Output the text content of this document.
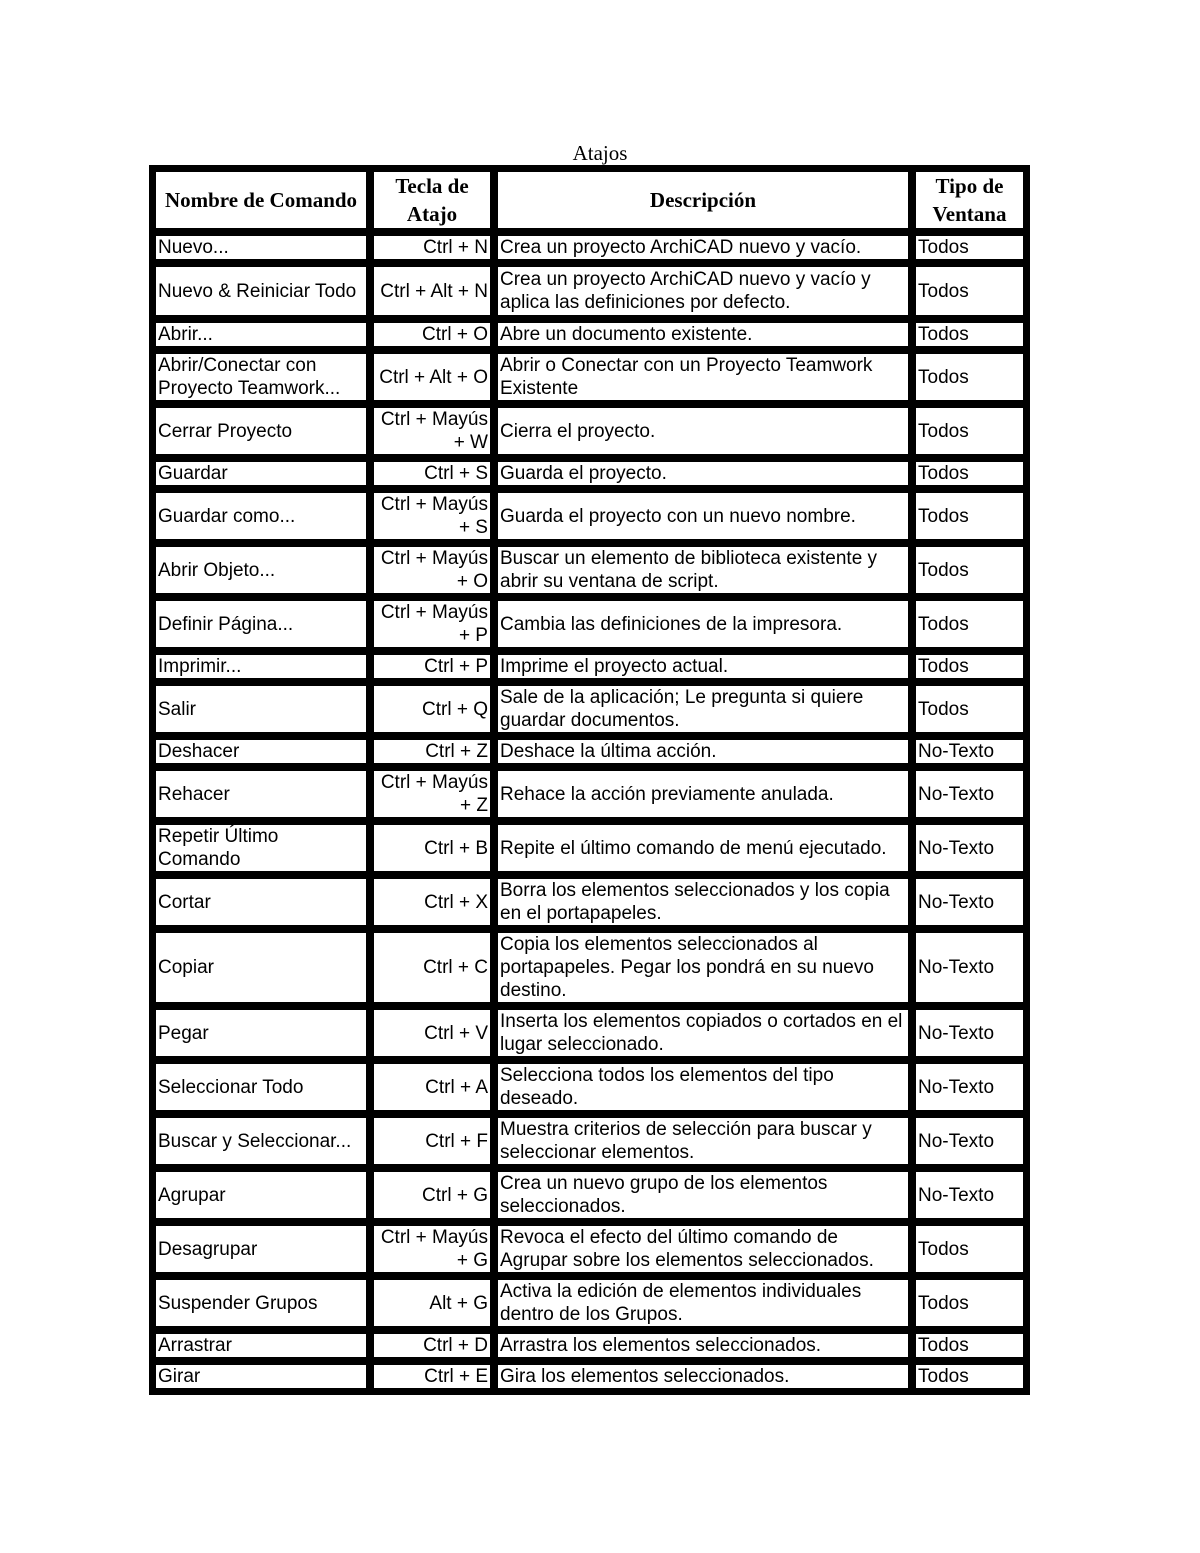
Atajos
Nombre de Comando	Tecla de Atajo	Descripción	Tipo de Ventana
Nuevo...	Ctrl + N	Crea un proyecto ArchiCAD nuevo y vacío.	Todos
Nuevo & Reiniciar Todo	Ctrl + Alt + N	Crea un proyecto ArchiCAD nuevo y vacío y aplica las definiciones por defecto.	Todos
Abrir...	Ctrl + O	Abre un documento existente.	Todos
Abrir/Conectar con Proyecto Teamwork...	Ctrl + Alt + O	Abrir o Conectar con un Proyecto Teamwork Existente	Todos
Cerrar Proyecto	Ctrl + Mayús + W	Cierra el proyecto.	Todos
Guardar	Ctrl + S	Guarda el proyecto.	Todos
Guardar como...	Ctrl + Mayús + S	Guarda el proyecto con un nuevo nombre.	Todos
Abrir Objeto...	Ctrl + Mayús + O	Buscar un elemento de biblioteca existente y abrir su ventana de script.	Todos
Definir Página...	Ctrl + Mayús + P	Cambia las definiciones de la impresora.	Todos
Imprimir...	Ctrl + P	Imprime el proyecto actual.	Todos
Salir	Ctrl + Q	Sale de la aplicación; Le pregunta si quiere guardar documentos.	Todos
Deshacer	Ctrl + Z	Deshace la última acción.	No-Texto
Rehacer	Ctrl + Mayús + Z	Rehace la acción previamente anulada.	No-Texto
Repetir Último Comando	Ctrl + B	Repite el último comando de menú ejecutado.	No-Texto
Cortar	Ctrl + X	Borra los elementos seleccionados y los copia en el portapapeles.	No-Texto
Copiar	Ctrl + C	Copia los elementos seleccionados al portapapeles. Pegar los pondrá en su nuevo destino.	No-Texto
Pegar	Ctrl + V	Inserta los elementos copiados o cortados en el lugar seleccionado.	No-Texto
Seleccionar Todo	Ctrl + A	Selecciona todos los elementos del tipo deseado.	No-Texto
Buscar y Seleccionar...	Ctrl + F	Muestra criterios de selección para buscar y seleccionar elementos.	No-Texto
Agrupar	Ctrl + G	Crea un nuevo grupo de los elementos seleccionados.	No-Texto
Desagrupar	Ctrl + Mayús + G	Revoca el efecto del último comando de Agrupar sobre los elementos seleccionados.	Todos
Suspender Grupos	Alt + G	Activa la edición de elementos individuales dentro de los Grupos.	Todos
Arrastrar	Ctrl + D	Arrastra los elementos seleccionados.	Todos
Girar	Ctrl + E	Gira los elementos seleccionados.	Todos
